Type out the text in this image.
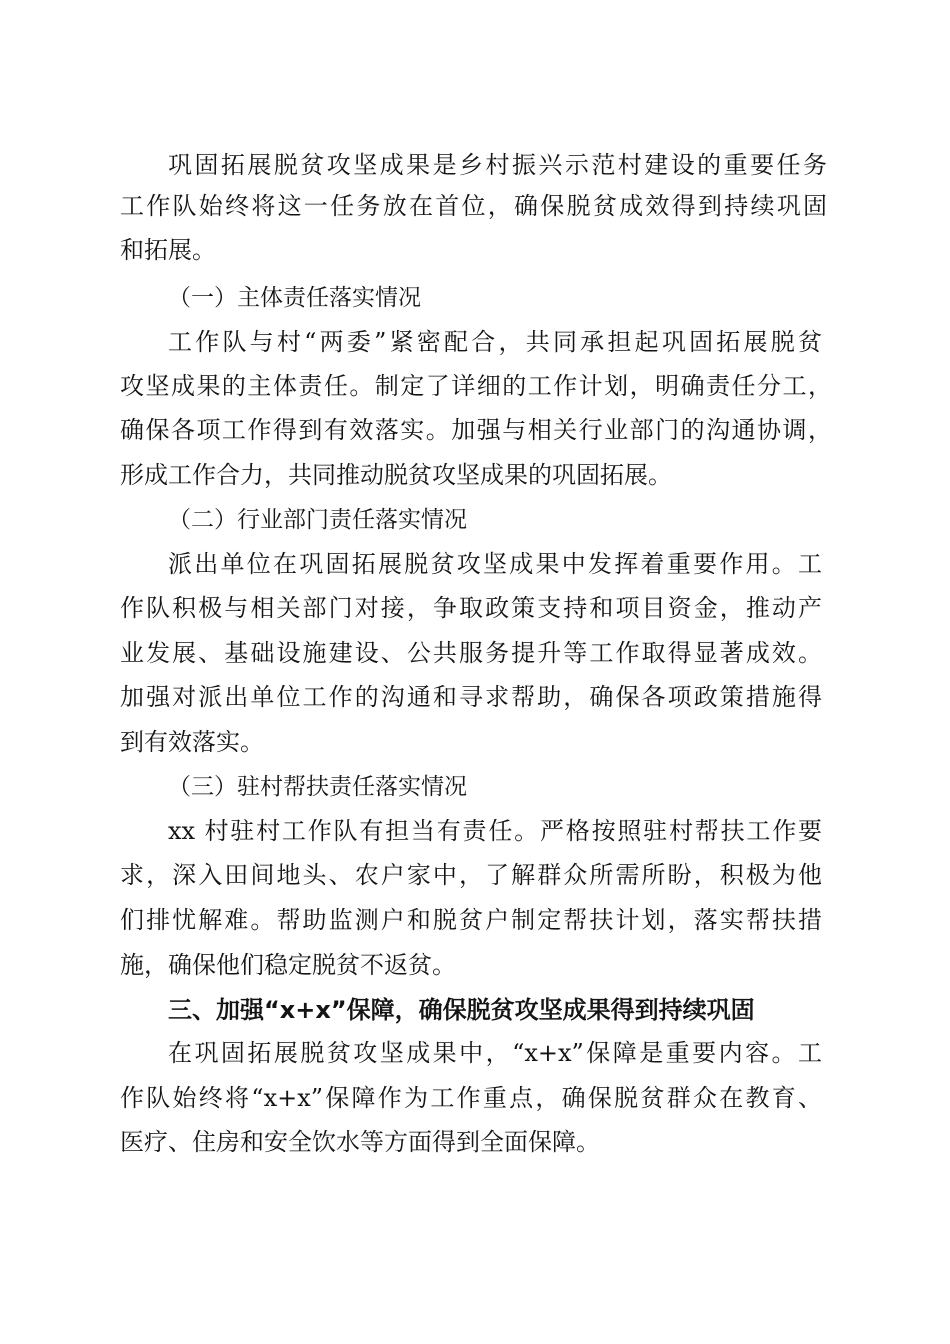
巩固拓展脱贫攻坚成果是乡村振兴示范村建设的重要任务

工作队始终将这一任务放在首位，确保脱贫成效得到持续巩固

和拓展。

（一）主体责任落实情况

工作队与村“两委”紧密配合，共同承担起巩固拓展脱贫

攻坚成果的主体责任。制定了详细的工作计划，明确责任分工，

确保各项工作得到有效落实。加强与相关行业部门的沟通协调，

形成工作合力，共同推动脱贫攻坚成果的巩固拓展。

（二）行业部门责任落实情况

派出单位在巩固拓展脱贫攻坚成果中发挥着重要作用。工

作队积极与相关部门对接，争取政策支持和项目资金，推动产

业发展、基础设施建设、公共服务提升等工作取得显著成效。

加强对派出单位工作的沟通和寻求帮助，确保各项政策措施得

到有效落实。

（三）驻村帮扶责任落实情况

xx 村驻村工作队有担当有责任。严格按照驻村帮扶工作要

求，深入田间地头、农户家中，了解群众所需所盼，积极为他

们排忧解难。帮助监测户和脱贫户制定帮扶计划，落实帮扶措

施，确保他们稳定脱贫不返贫。

三、加强“x+x”保障，确保脱贫攻坚成果得到持续巩固

在巩固拓展脱贫攻坚成果中，“x+x”保障是重要内容。工

作队始终将“x+x”保障作为工作重点，确保脱贫群众在教育、

医疗、住房和安全饮水等方面得到全面保障。
